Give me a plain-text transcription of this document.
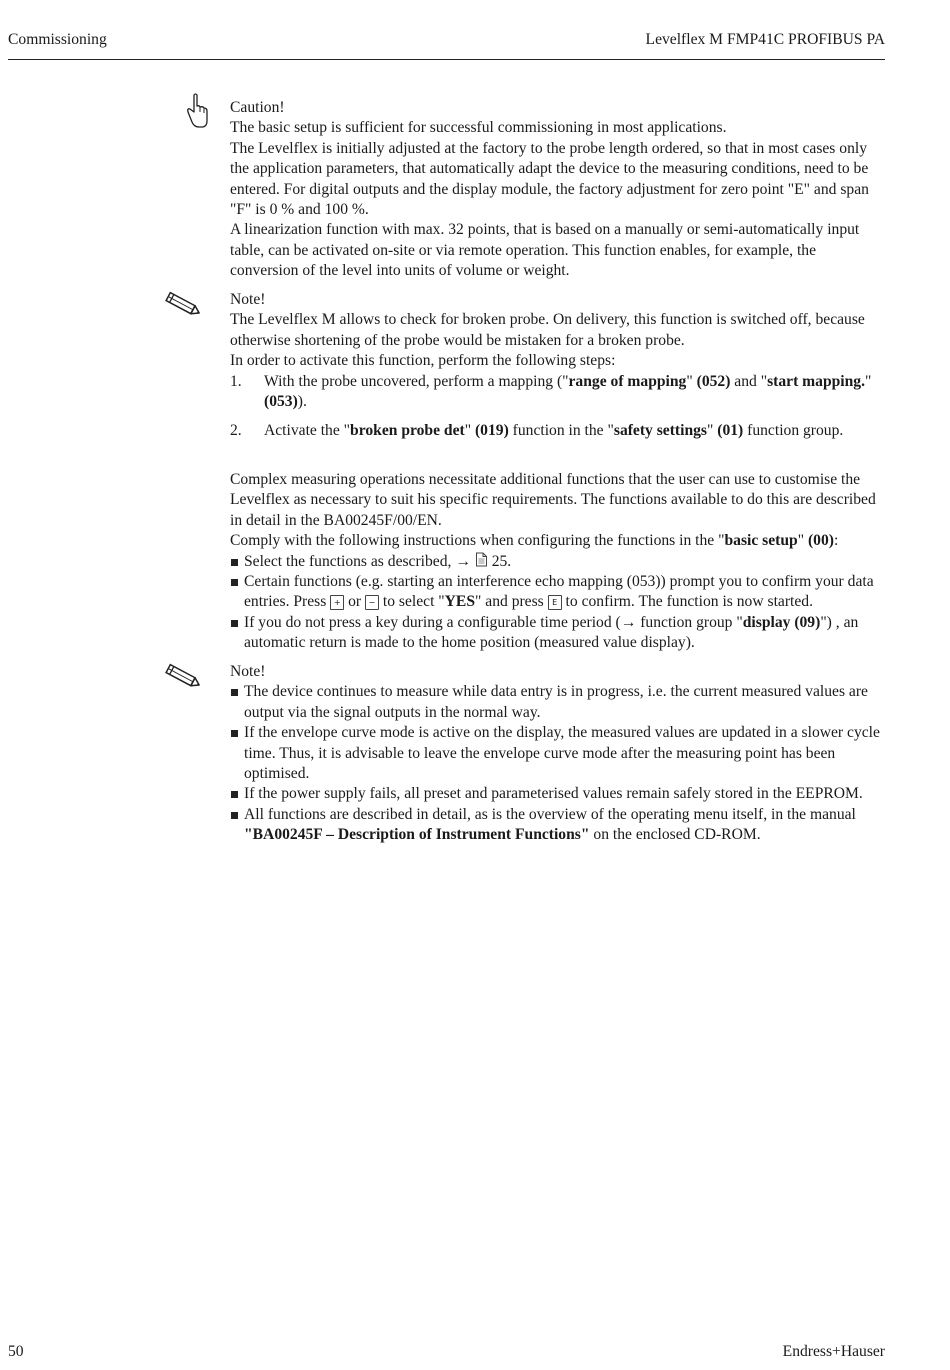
Commissioning	Levelflex M FMP41C PROFIBUS PA

Caution!

The basic setup is sufficient for successful commissioning in most applications.

The Levelflex is initially adjusted at the factory to the probe length ordered, so that in most cases only the application parameters, that automatically adapt the device to the measuring conditions, need to be entered. For digital outputs and the display module, the factory adjustment for zero point "E" and span "F" is 0 % and 100 %.

A linearization function with max. 32 points, that is based on a manually or semi-automatically input table, can be activated on-site or via remote operation. This function enables, for example, the conversion of the level into units of volume or weight.

Note!

The Levelflex M allows to check for broken probe. On delivery, this function is switched off, because otherwise shortening of the probe would be mistaken for a broken probe.

In order to activate this function, perform the following steps:

1. With the probe uncovered, perform a mapping ("range of mapping" (052) and "start mapping." (053)).
2. Activate the "broken probe det" (019) function in the "safety settings" (01) function group.

Complex measuring operations necessitate additional functions that the user can use to customise the Levelflex as necessary to suit his specific requirements. The functions available to do this are described in detail in the BA00245F/00/EN.

Comply with the following instructions when configuring the functions in the "basic setup" (00):

Select the functions as described, →  25.
Certain functions (e.g. starting an interference echo mapping (053)) prompt you to confirm your data entries. Press + or − to select "YES" and press E to confirm. The function is now started.
If you do not press a key during a configurable time period (→ function group "display (09)") , an automatic return is made to the home position (measured value display).

Note!

The device continues to measure while data entry is in progress, i.e. the current measured values are output via the signal outputs in the normal way.
If the envelope curve mode is active on the display, the measured values are updated in a slower cycle time. Thus, it is advisable to leave the envelope curve mode after the measuring point has been optimised.
If the power supply fails, all preset and parameterised values remain safely stored in the EEPROM.
All functions are described in detail, as is the overview of the operating menu itself, in the manual "BA00245F – Description of Instrument Functions" on the enclosed CD-ROM.
50	Endress+Hauser
